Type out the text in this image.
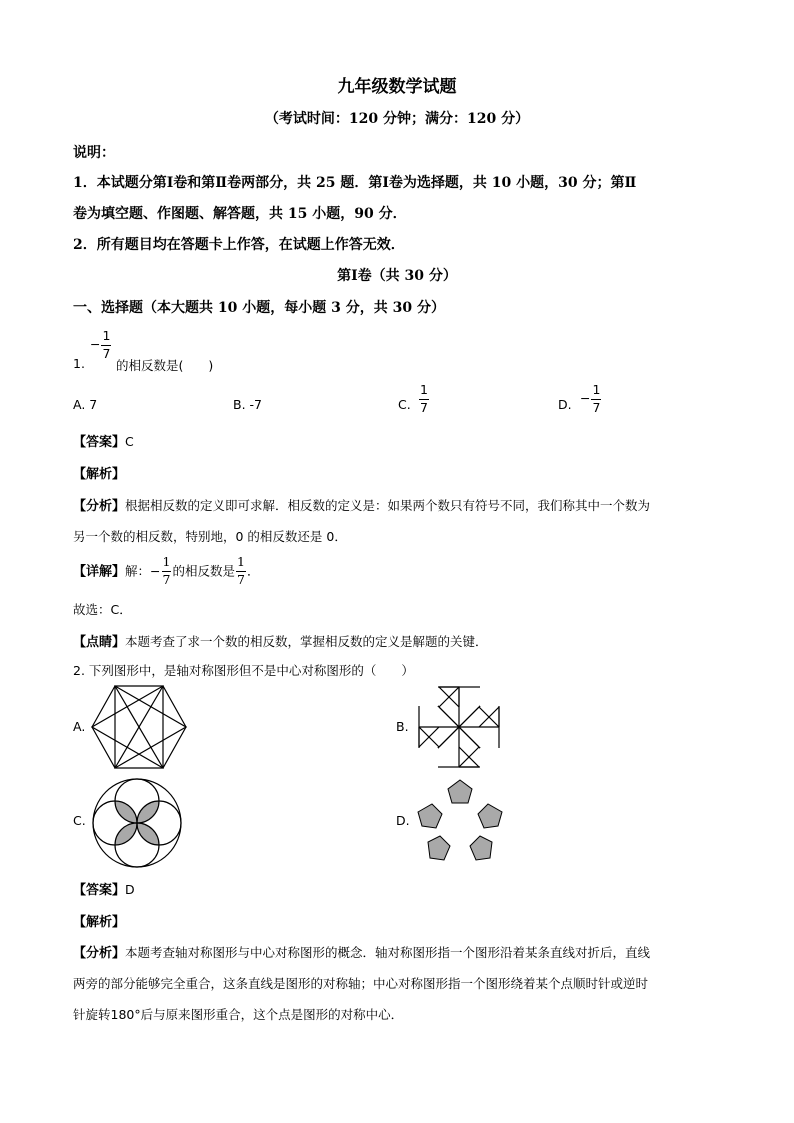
九年级数学试题
（考试时间：120 分钟；满分：120 分）
说明：
1．本试题分第Ⅰ卷和第Ⅱ卷两部分，共 25 题．第Ⅰ卷为选择题，共 10 小题，30 分；第Ⅱ
卷为填空题、作图题、解答题，共 15 小题，90 分．
2．所有题目均在答题卡上作答，在试题上作答无效．
第Ⅰ卷（共 30 分）
一、选择题（本大题共 10 小题，每小题 3 分，共 30 分）
1.
− $\frac{1}{7}$
的相反数是(　　)
A. 7	B. -7	C. $\frac{1}{7}$	D. − $\frac{1}{7}$
【答案】C
【解析】
【分析】根据相反数的定义即可求解．相反数的定义是：如果两个数只有符号不同，我们称其中一个数为
另一个数的相反数，特别地，0 的相反数还是 0．
【详解】解：− $\frac{1}{7}$ 的相反数是 $\frac{1}{7}$ ．
故选：C．
【点睛】本题考查了求一个数的相反数，掌握相反数的定义是解题的关键．
2. 下列图形中，是轴对称图形但不是中心对称图形的（　　）
A.	B.
C.	D.
【答案】D
【解析】
【分析】本题考查轴对称图形与中心对称图形的概念．轴对称图形指一个图形沿着某条直线对折后，直线
两旁的部分能够完全重合，这条直线是图形的对称轴；中心对称图形指一个图形绕着某个点顺时针或逆时
针旋转180°后与原来图形重合，这个点是图形的对称中心．
